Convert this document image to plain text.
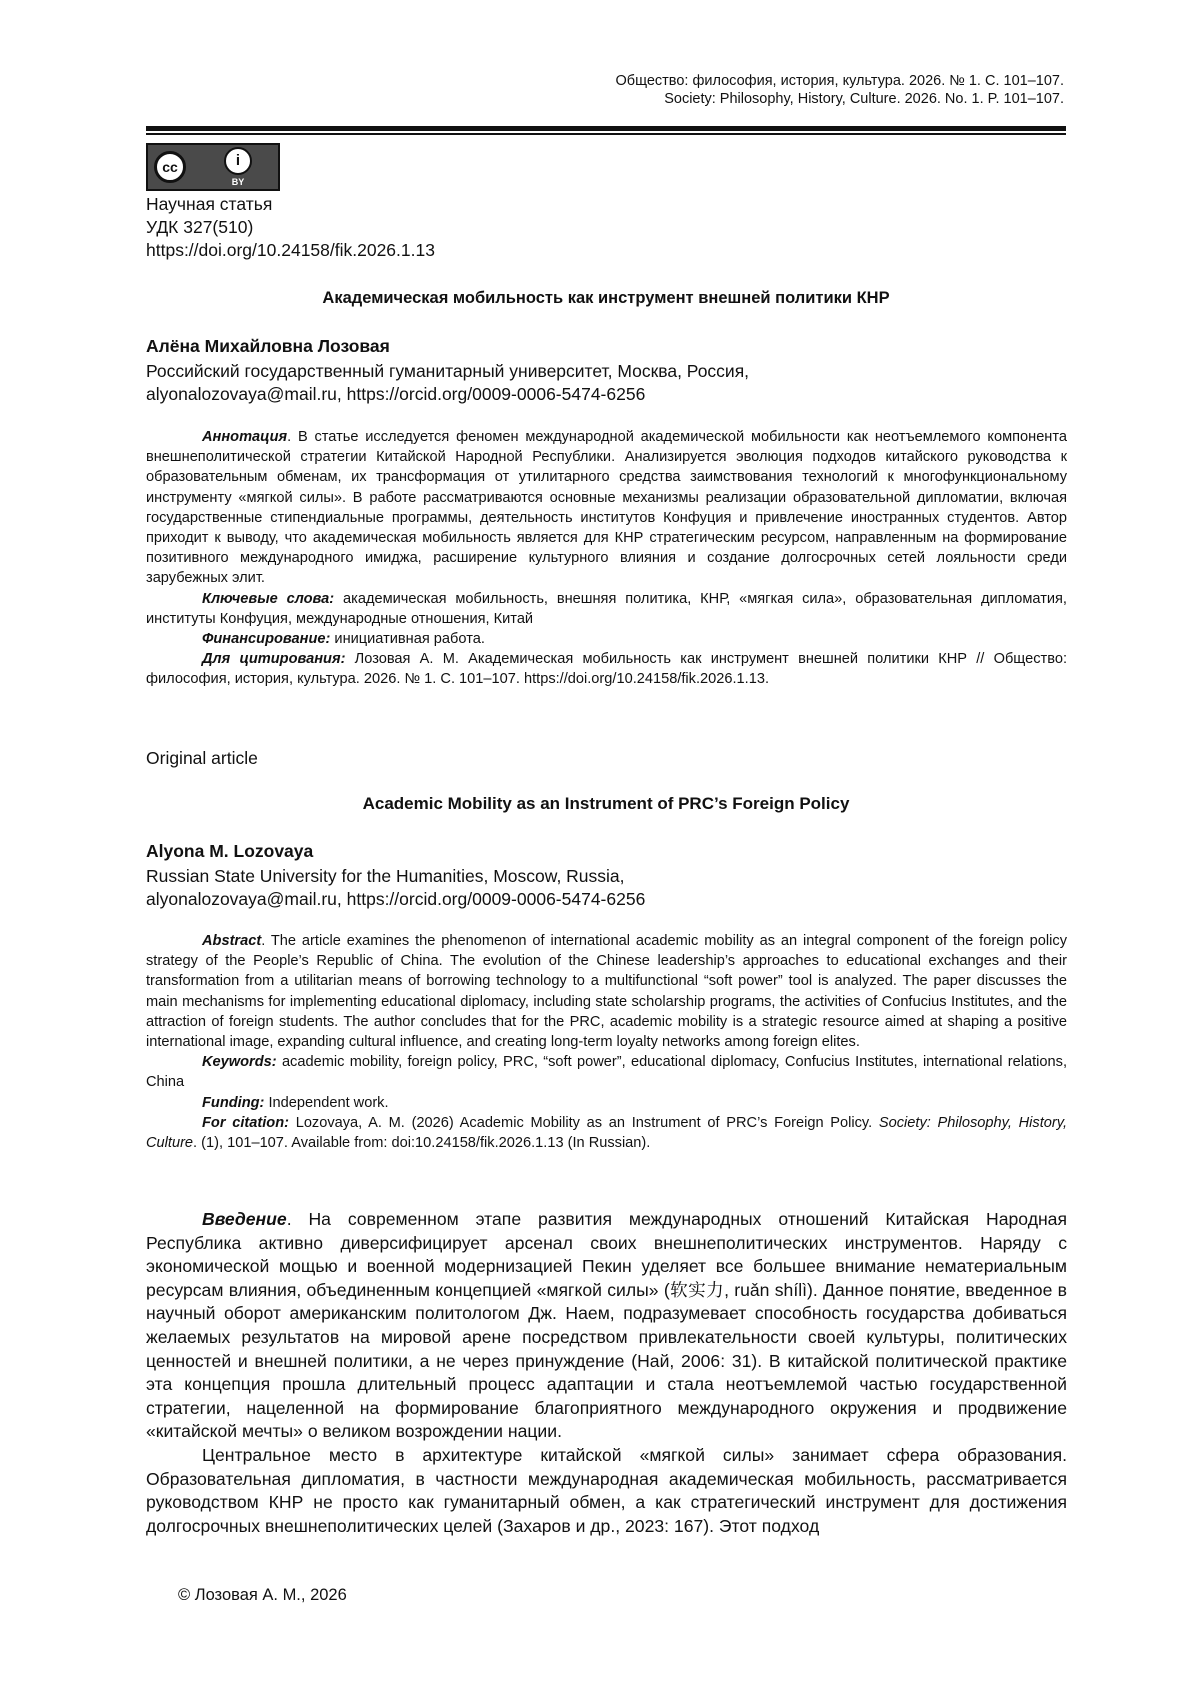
Общество: философия, история, культура. 2026. № 1. С. 101–107.
Society: Philosophy, History, Culture. 2026. No. 1. P. 101–107.
cc	i
BY
Научная статья
УДК 327(510)
https://doi.org/10.24158/fik.2026.1.13
Академическая мобильность как инструмент внешней политики КНР
Алёна Михайловна Лозовая
Российский государственный гуманитарный университет, Москва, Россия,
alyonalozovaya@mail.ru, https://orcid.org/0009-0006-5474-6256

Аннотация. В статье исследуется феномен международной академической мобильности как неотъемлемого компонента внешнеполитической стратегии Китайской Народной Республики. Анализируется эволюция подходов китайского руководства к образовательным обменам, их трансформация от утилитарного средства заимствования технологий к многофункциональному инструменту «мягкой силы». В работе рассматриваются основные механизмы реализации образовательной дипломатии, включая государственные стипендиальные программы, деятельность институтов Конфуция и привлечение иностранных студентов. Автор приходит к выводу, что академическая мобильность является для КНР стратегическим ресурсом, направленным на формирование позитивного международного имиджа, расширение культурного влияния и создание долгосрочных сетей лояльности среди зарубежных элит.

Ключевые слова: академическая мобильность, внешняя политика, КНР, «мягкая сила», образовательная дипломатия, институты Конфуция, международные отношения, Китай

Финансирование: инициативная работа.

Для цитирования: Лозовая А. М. Академическая мобильность как инструмент внешней политики КНР // Общество: философия, история, культура. 2026. № 1. С. 101–107. https://doi.org/10.24158/fik.2026.1.13.

Original article
Academic Mobility as an Instrument of PRC’s Foreign Policy
Alyona M. Lozovaya
Russian State University for the Humanities, Moscow, Russia,
alyonalozovaya@mail.ru, https://orcid.org/0009-0006-5474-6256

Abstract. The article examines the phenomenon of international academic mobility as an integral component of the foreign policy strategy of the People’s Republic of China. The evolution of the Chinese leadership’s approaches to educational exchanges and their transformation from a utilitarian means of borrowing technology to a multifunctional “soft power” tool is analyzed. The paper discusses the main mechanisms for implementing educational diplomacy, including state scholarship programs, the activities of Confucius Institutes, and the attraction of foreign students. The author concludes that for the PRC, academic mobility is a strategic resource aimed at shaping a positive international image, expanding cultural influence, and creating long-term loyalty networks among foreign elites.

Keywords: academic mobility, foreign policy, PRC, “soft power”, educational diplomacy, Confucius Institutes, international relations, China

Funding: Independent work.

For citation: Lozovaya, A. M. (2026) Academic Mobility as an Instrument of PRC’s Foreign Policy. Society: Philosophy, History, Culture. (1), 101–107. Available from: doi:10.24158/fik.2026.1.13 (In Russian).

Введение. На современном этапе развития международных отношений Китайская Народная Республика активно диверсифицирует арсенал своих внешнеполитических инструментов. Наряду с экономической мощью и военной модернизацией Пекин уделяет все большее внимание нематериальным ресурсам влияния, объединенным концепцией «мягкой силы» (软实力, ruǎn shílì). Данное понятие, введенное в научный оборот американским политологом Дж. Наем, подразумевает способность государства добиваться желаемых результатов на мировой арене посредством привлекательности своей культуры, политических ценностей и внешней политики, а не через принуждение (Най, 2006: 31). В китайской политической практике эта концепция прошла длительный процесс адаптации и стала неотъемлемой частью государственной стратегии, нацеленной на формирование благоприятного международного окружения и продвижение «китайской мечты» о великом возрождении нации.

Центральное место в архитектуре китайской «мягкой силы» занимает сфера образования. Образовательная дипломатия, в частности международная академическая мобильность, рассматривается руководством КНР не просто как гуманитарный обмен, а как стратегический инструмент для достижения долгосрочных внешнеполитических целей (Захаров и др., 2023: 167). Этот подход

© Лозовая А. М., 2026
